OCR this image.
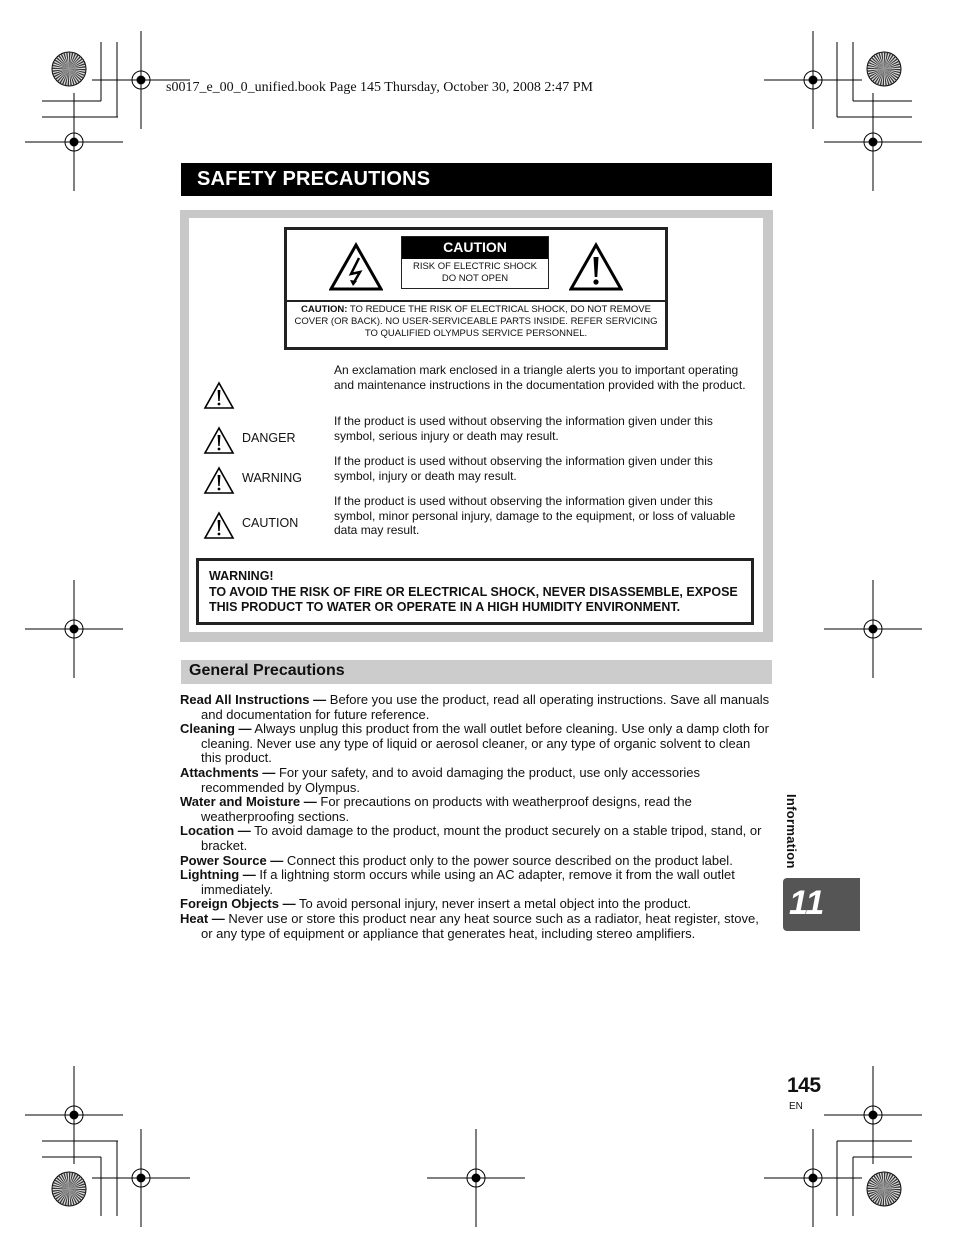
s0017_e_00_0_unified.book Page 145 Thursday, October 30, 2008 2:47 PM
SAFETY PRECAUTIONS
CAUTION
RISK OF ELECTRIC SHOCK
DO NOT OPEN
CAUTION: TO REDUCE THE RISK OF ELECTRICAL SHOCK, DO NOT REMOVE COVER (OR BACK). NO USER-SERVICEABLE PARTS INSIDE. REFER SERVICING TO QUALIFIED OLYMPUS SERVICE PERSONNEL.
An exclamation mark enclosed in a triangle alerts you to important operating and maintenance instructions in the documentation provided with the product.
DANGER
If the product is used without observing the information given under this symbol, serious injury or death may result.
WARNING
If the product is used without observing the information given under this symbol, injury or death may result.
CAUTION
If the product is used without observing the information given under this symbol, minor personal injury, damage to the equipment, or loss of valuable data may result.
WARNING!
TO AVOID THE RISK OF FIRE OR ELECTRICAL SHOCK, NEVER DISASSEMBLE, EXPOSE THIS PRODUCT TO WATER OR OPERATE IN A HIGH HUMIDITY ENVIRONMENT.
General Precautions

Read All Instructions — Before you use the product, read all operating instructions. Save all manuals and documentation for future reference.

Cleaning — Always unplug this product from the wall outlet before cleaning. Use only a damp cloth for cleaning. Never use any type of liquid or aerosol cleaner, or any type of organic solvent to clean this product.

Attachments — For your safety, and to avoid damaging the product, use only accessories recommended by Olympus.

Water and Moisture — For precautions on products with weatherproof designs, read the weatherproofing sections.

Location — To avoid damage to the product, mount the product securely on a stable tripod, stand, or bracket.

Power Source — Connect this product only to the power source described on the product label.

Lightning — If a lightning storm occurs while using an AC adapter, remove it from the wall outlet immediately.

Foreign Objects — To avoid personal injury, never insert a metal object into the product.

Heat — Never use or store this product near any heat source such as a radiator, heat register, stove, or any type of equipment or appliance that generates heat, including stereo amplifiers.

Information
11
145
EN
